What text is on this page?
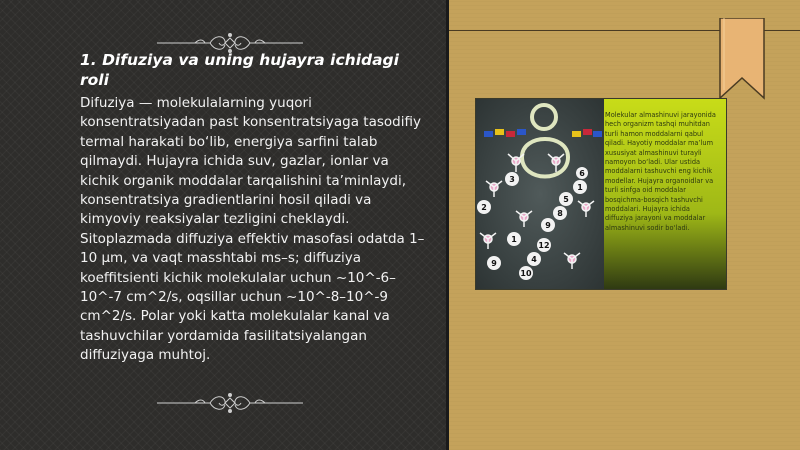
1. Difuziya va uning hujayra ichidagi roli

Difuziya — molekulalarning yuqori konsentratsiyadan past konsentratsiyaga tasodifiy termal harakati bo‘lib, energiya sarfini talab qilmaydi. Hujayra ichida suv, gazlar, ionlar va kichik organik moddalar tarqalishini ta’minlaydi, konsentratsiya gradientlarini hosil qiladi va kimyoviy reaksiyalar tezligini cheklaydi. Sitoplazmada diffuziya effektiv masofasi odatda 1–10 µm, va vaqt masshtabi ms–s; diffuziya koeffitsienti kichik molekulalar uchun ~10^-6–10^-7 cm^2/s, oqsillar uchun ~10^-8–10^-9 cm^2/s. Polar yoki katta molekulalar kanal va tashuvchilar yordamida fasilitatsiyalangan diffuziyaga muhtoj.

3
1
6
2
5
8
1
9
12
4
9
10

Molekular almashinuvi jarayonida hech organizm tashqi muhitdan turli hamon moddalarni qabul qiladi. Hayotiy moddalar ma’lum xususiyat almashinuvi turayli namoyon bo‘ladi. Ular ustida moddalarni tashuvchi eng kichik modellar. Hujayra organoidlar va turli sinfga oid moddalar bosqichma-bosqich tashuvchi moddalari. Hujayra ichida diffuziya jarayoni va moddalar almashinuvi sodir bo‘ladi.
